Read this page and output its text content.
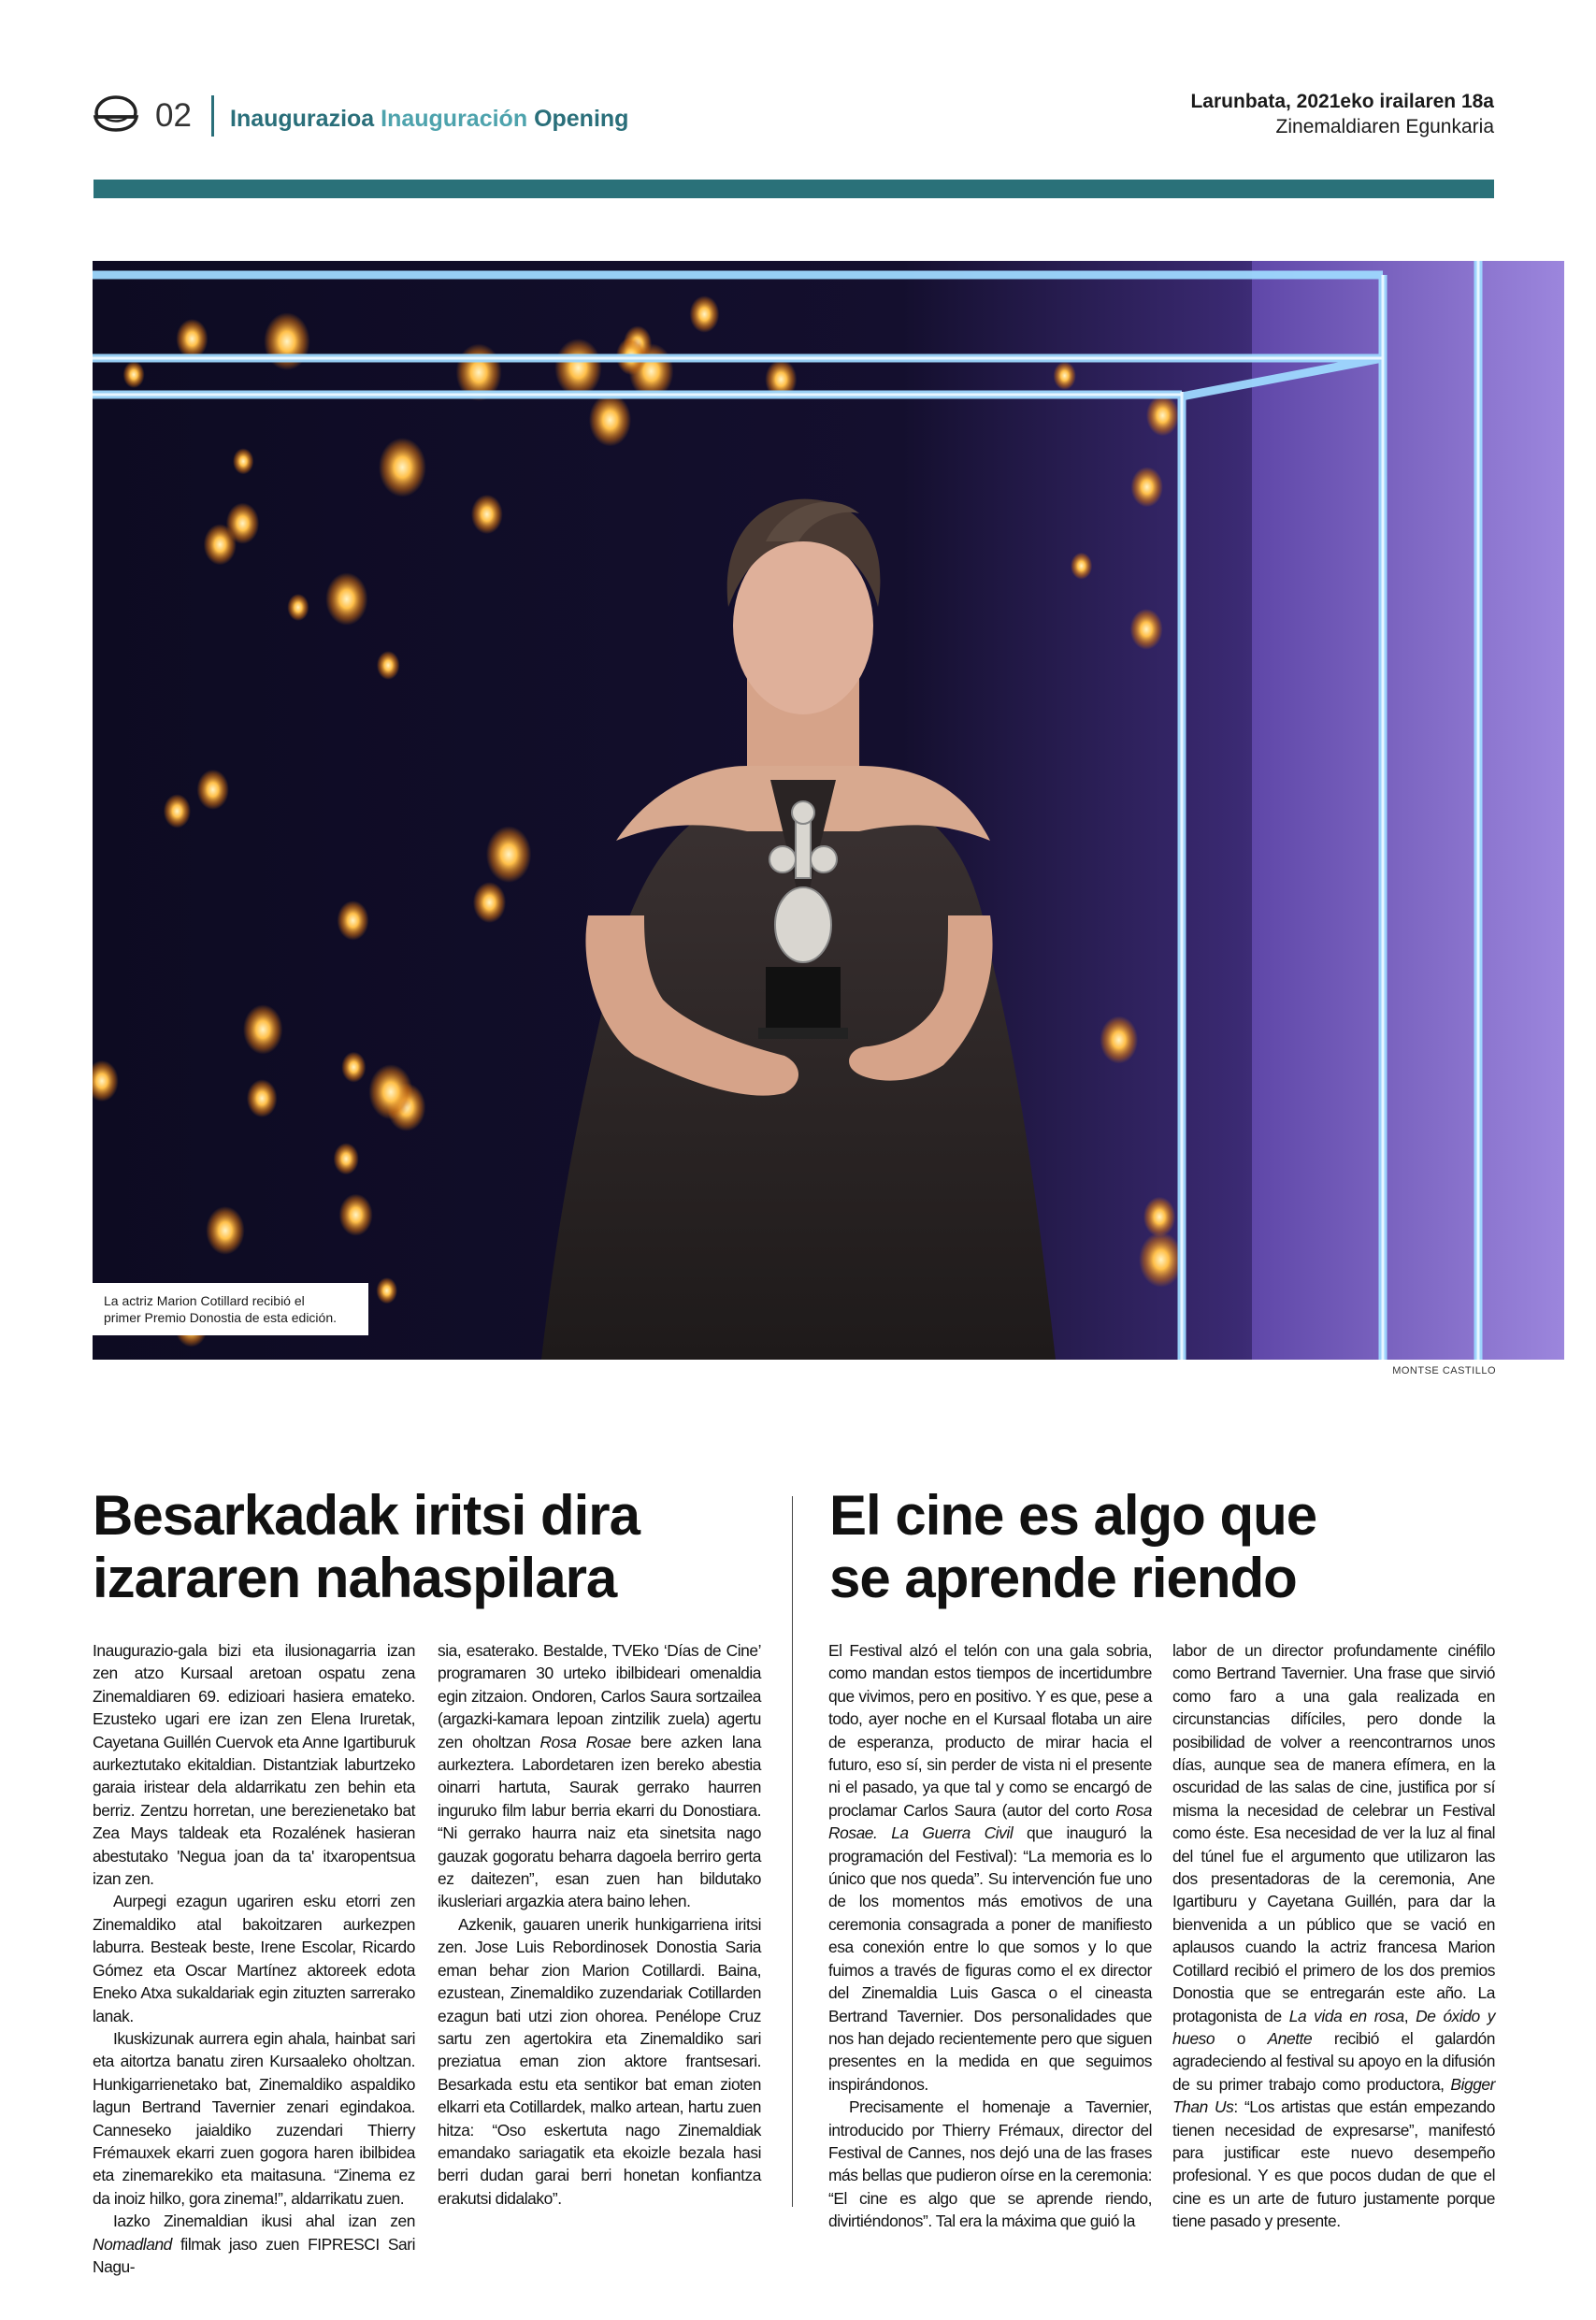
02 Inaugurazioa Inauguración Opening
Larunbata, 2021eko irailaren 18a
Zinemaldiaren Egunkaria
La actriz Marion Cotillard recibió el
primer Premio Donostia de esta edición.
MONTSE CASTILLO
Besarkadak iritsi dira
izararen nahaspilara
El cine es algo que
se aprende riendo

Inaugurazio-gala bizi eta ilusionagarria izan zen atzo Kursaal aretoan ospatu zena Zinemaldiaren 69. edizioari hasiera emateko. Ezusteko ugari ere izan zen Elena Iruretak, Cayetana Guillén Cuervok eta Anne Igartiburuk aurkeztutako ekitaldian. Distantziak laburtzeko garaia iristear dela aldarrikatu zen behin eta berriz. Zentzu horretan, une berezienetako bat Zea Mays taldeak eta Rozalének hasieran abestutako 'Negua joan da ta' itxaropentsua izan zen.

Aurpegi ezagun ugariren esku etorri zen Zinemaldiko atal bakoitzaren aurkezpen laburra. Besteak beste, Irene Escolar, Ricardo Gómez eta Oscar Martínez aktoreek edota Eneko Atxa sukaldariak egin zituzten sarrerako lanak.

Ikuskizunak aurrera egin ahala, hainbat sari eta aitortza banatu ziren Kursaaleko oholtzan. Hunkigarrienetako bat, Zinemaldiko aspaldiko lagun Bertrand Tavernier zenari egindakoa. Canneseko jaialdiko zuzendari Thierry Frémauxek ekarri zuen gogora haren ibilbidea eta zinemarekiko eta maitasuna. “Zinema ez da inoiz hilko, gora zinema!”, aldarrikatu zuen.

Iazko Zinemaldian ikusi ahal izan zen Nomadland filmak jaso zuen FIPRESCI Sari Nagu-

sia, esaterako. Bestalde, TVEko ‘Días de Cine’ programaren 30 urteko ibilbideari omenaldia egin zitzaion. Ondoren, Carlos Saura sortzailea (argazki-kamara lepoan zintzilik zuela) agertu zen oholtzan Rosa Rosae bere azken lana aurkeztera. Labordetaren izen bereko abestia oinarri hartuta, Saurak gerrako haurren inguruko film labur berria ekarri du Donostiara. “Ni gerrako haurra naiz eta sinetsita nago gauzak gogoratu beharra dagoela berriro gerta ez daitezen”, esan zuen han bildutako ikusleriari argazkia atera baino lehen.

Azkenik, gauaren unerik hunkigarriena iritsi zen. Jose Luis Rebordinosek Donostia Saria eman behar zion Marion Cotillardi. Baina, ezustean, Zinemaldiko zuzendariak Cotillarden ezagun bati utzi zion ohorea. Penélope Cruz sartu zen agertokira eta Zinemaldiko sari preziatua eman zion aktore frantsesari. Besarkada estu eta sentikor bat eman zioten elkarri eta Cotillardek, malko artean, hartu zuen hitza: “Oso eskertuta nago Zinemaldiak emandako sariagatik eta ekoizle bezala hasi berri dudan garai berri honetan konfiantza erakutsi didalako”.

El Festival alzó el telón con una gala sobria, como mandan estos tiempos de incertidumbre que vivimos, pero en positivo. Y es que, pese a todo, ayer noche en el Kursaal flotaba un aire de esperanza, producto de mirar hacia el futuro, eso sí, sin perder de vista ni el presente ni el pasado, ya que tal y como se encargó de proclamar Carlos Saura (autor del corto Rosa Rosae. La Guerra Civil que inauguró la programación del Festival): “La memoria es lo único que nos queda”. Su intervención fue uno de los momentos más emotivos de una ceremonia consagrada a poner de manifiesto esa conexión entre lo que somos y lo que fuimos a través de figuras como el ex director del Zinemaldia Luis Gasca o el cineasta Bertrand Tavernier. Dos personalidades que nos han dejado recientemente pero que siguen presentes en la medida en que seguimos inspirándonos.

Precisamente el homenaje a Tavernier, introducido por Thierry Frémaux, director del Festival de Cannes, nos dejó una de las frases más bellas que pudieron oírse en la ceremonia: “El cine es algo que se aprende riendo, divirtiéndonos”. Tal era la máxima que guió la

labor de un director profundamente cinéfilo como Bertrand Tavernier. Una frase que sirvió como faro a una gala realizada en circunstancias difíciles, pero donde la posibilidad de volver a reencontrarnos unos días, aunque sea de manera efímera, en la oscuridad de las salas de cine, justifica por sí misma la necesidad de celebrar un Festival como éste. Esa necesidad de ver la luz al final del túnel fue el argumento que utilizaron las dos presentadoras de la ceremonia, Ane Igartiburu y Cayetana Guillén, para dar la bienvenida a un público que se vació en aplausos cuando la actriz francesa Marion Cotillard recibió el primero de los dos premios Donostia que se entregarán este año. La protagonista de La vida en rosa, De óxido y hueso o Anette recibió el galardón agradeciendo al festival su apoyo en la difusión de su primer trabajo como productora, Bigger Than Us: “Los artistas que están empezando tienen necesidad de expresarse”, manifestó para justificar este nuevo desempeño profesional. Y es que pocos dudan de que el cine es un arte de futuro justamente porque tiene pasado y presente.
